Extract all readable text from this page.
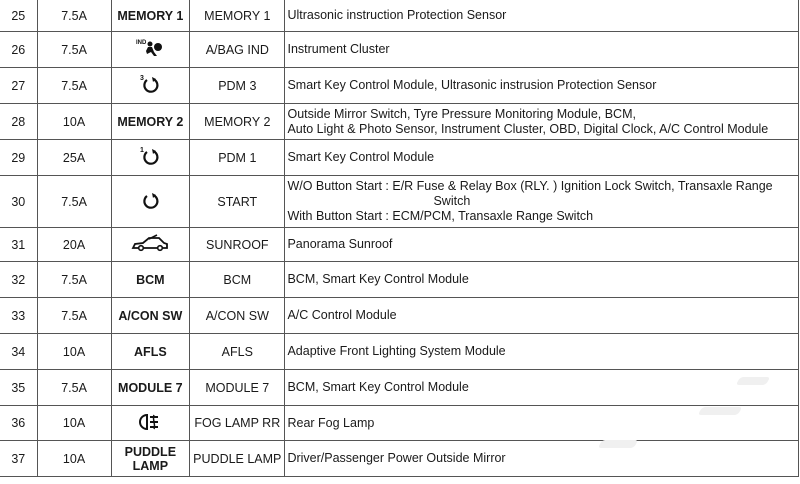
25	7.5A	MEMORY 1	MEMORY 1	Ultrasonic instruction Protection Sensor

26	7.5A	IND	A/BAG IND	Instrument Cluster

27	7.5A	3	PDM 3	Smart Key Control Module, Ultrasonic instrusion Protection Sensor

28	10A	MEMORY 2	MEMORY 2	Outside Mirror Switch, Tyre Pressure Monitoring Module, BCM,
Auto Light & Photo Sensor, Instrument Cluster, OBD, Digital Clock, A/C Control Module

29	25A	1	PDM 1	Smart Key Control Module

30	7.5A		START	W/O Button Start : E/R Fuse & Relay Box (RLY. ) Ignition Lock Switch, Transaxle Range
Switch
With Button Start : ECM/PCM, Transaxle Range Switch

31	20A		SUNROOF	Panorama Sunroof

32	7.5A	BCM	BCM	BCM, Smart Key Control Module

33	7.5A	A/CON SW	A/CON SW	A/C Control Module

34	10A	AFLS	AFLS	Adaptive Front Lighting System Module

35	7.5A	MODULE 7	MODULE 7	BCM, Smart Key Control Module

36	10A		FOG LAMP RR	Rear Fog Lamp

37	10A	PUDDLE
LAMP	PUDDLE LAMP	Driver/Passenger Power Outside Mirror
